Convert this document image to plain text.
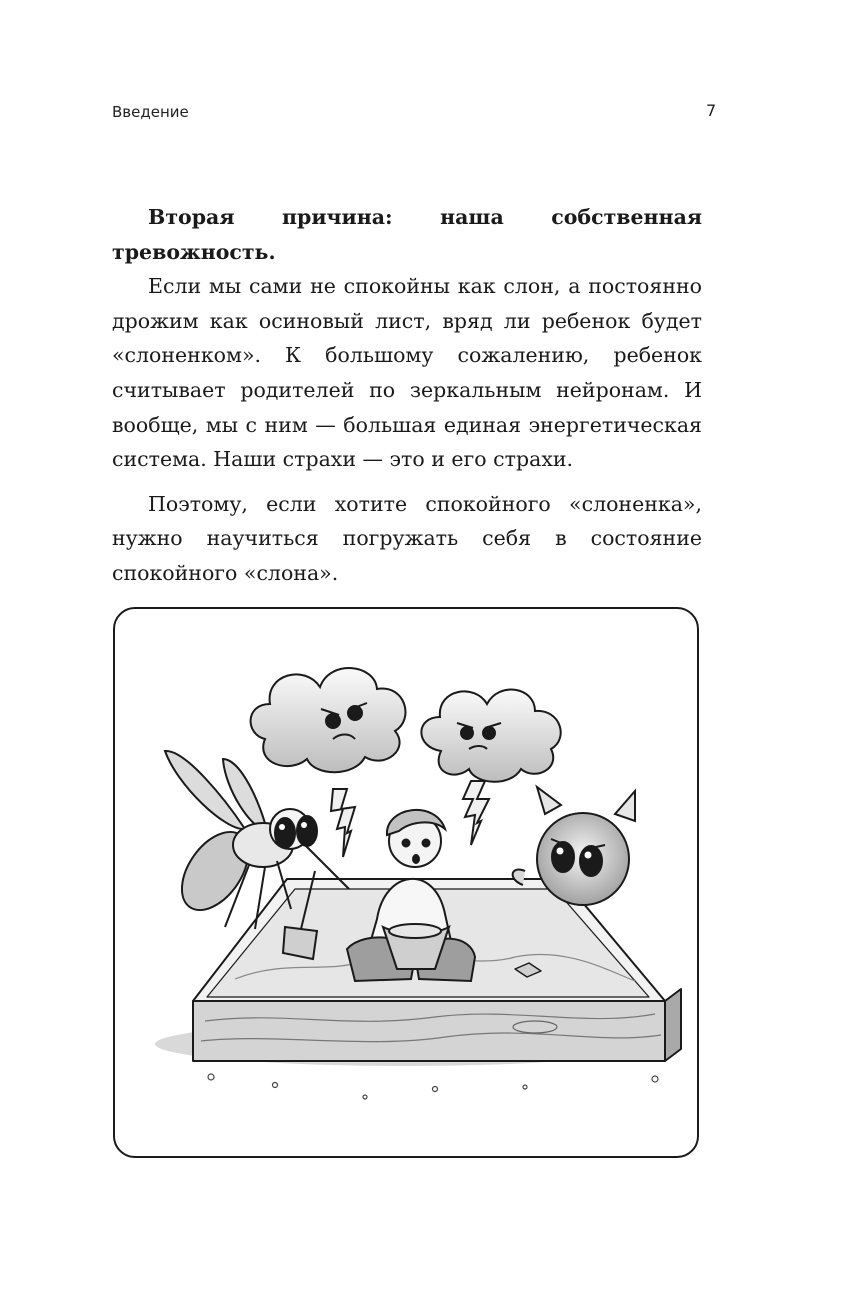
Введение	7

Вторая причина: наша собственная тревожность.

Если мы сами не спокойны как слон, а постоянно дрожим как осиновый лист, вряд ли ребенок будет «слоненком». К большому сожалению, ребенок считывает родителей по зеркальным нейронам. И вообще, мы с ним — большая единая энергетическая система. Наши страхи — это и его страхи.

Поэтому, если хотите спокойного «слоненка», нужно научиться погружать себя в состояние спокойного «слона».
